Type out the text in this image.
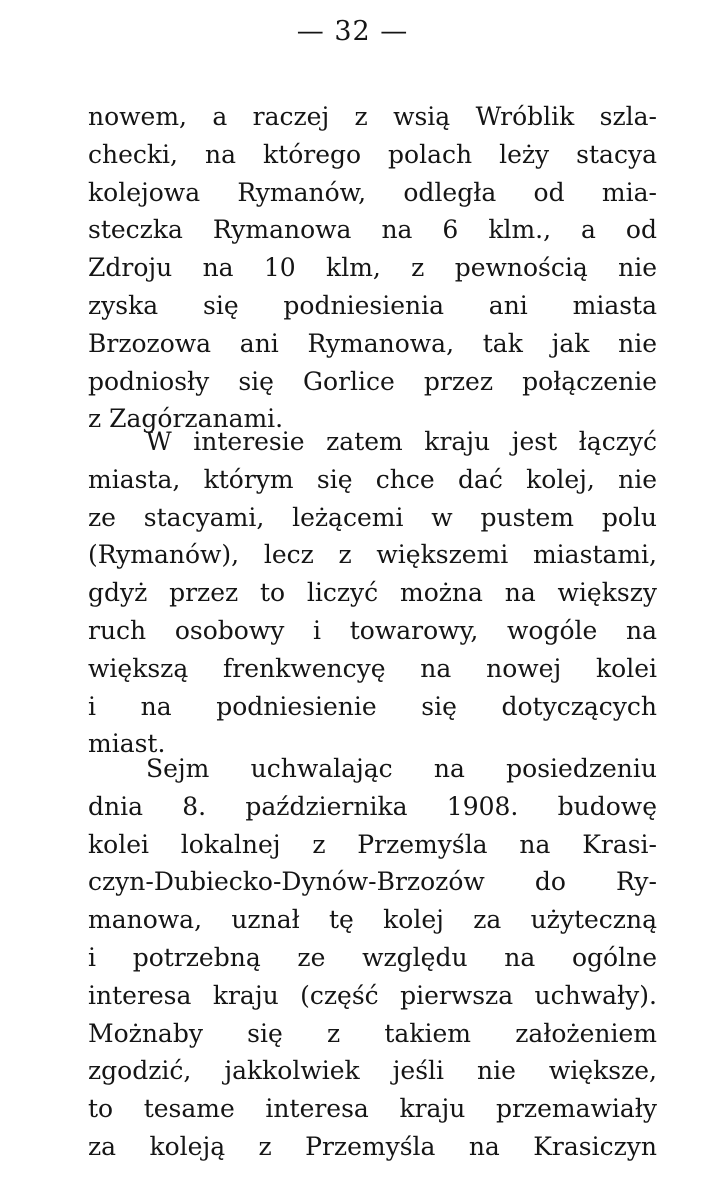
— 32 —
nowem, a raczej z wsią Wróblik szla-
checki, na którego polach leży stacya
kolejowa Rymanów, odległa od mia-
steczka Rymanowa na 6 klm., a od
Zdroju na 10 klm, z pewnością nie
zyska się podniesienia ani miasta
Brzozowa ani Rymanowa, tak jak nie
podniosły się Gorlice przez połączenie
z Zagórzanami.
W interesie zatem kraju jest łączyć
miasta, którym się chce dać kolej, nie
ze stacyami, leżącemi w pustem polu
(Rymanów), lecz z większemi miastami,
gdyż przez to liczyć można na większy
ruch osobowy i towarowy, wogóle na
większą frenkwencyę na nowej kolei
i na podniesienie się dotyczących
miast.
Sejm uchwalając na posiedzeniu
dnia 8. października 1908. budowę
kolei lokalnej z Przemyśla na Krasi-
czyn-Dubiecko-Dynów-Brzozów do Ry-
manowa, uznał tę kolej za użyteczną
i potrzebną ze względu na ogólne
interesa kraju (część pierwsza uchwały).
Możnaby się z takiem założeniem
zgodzić, jakkolwiek jeśli nie większe,
to tesame interesa kraju przemawiały
za koleją z Przemyśla na Krasiczyn
